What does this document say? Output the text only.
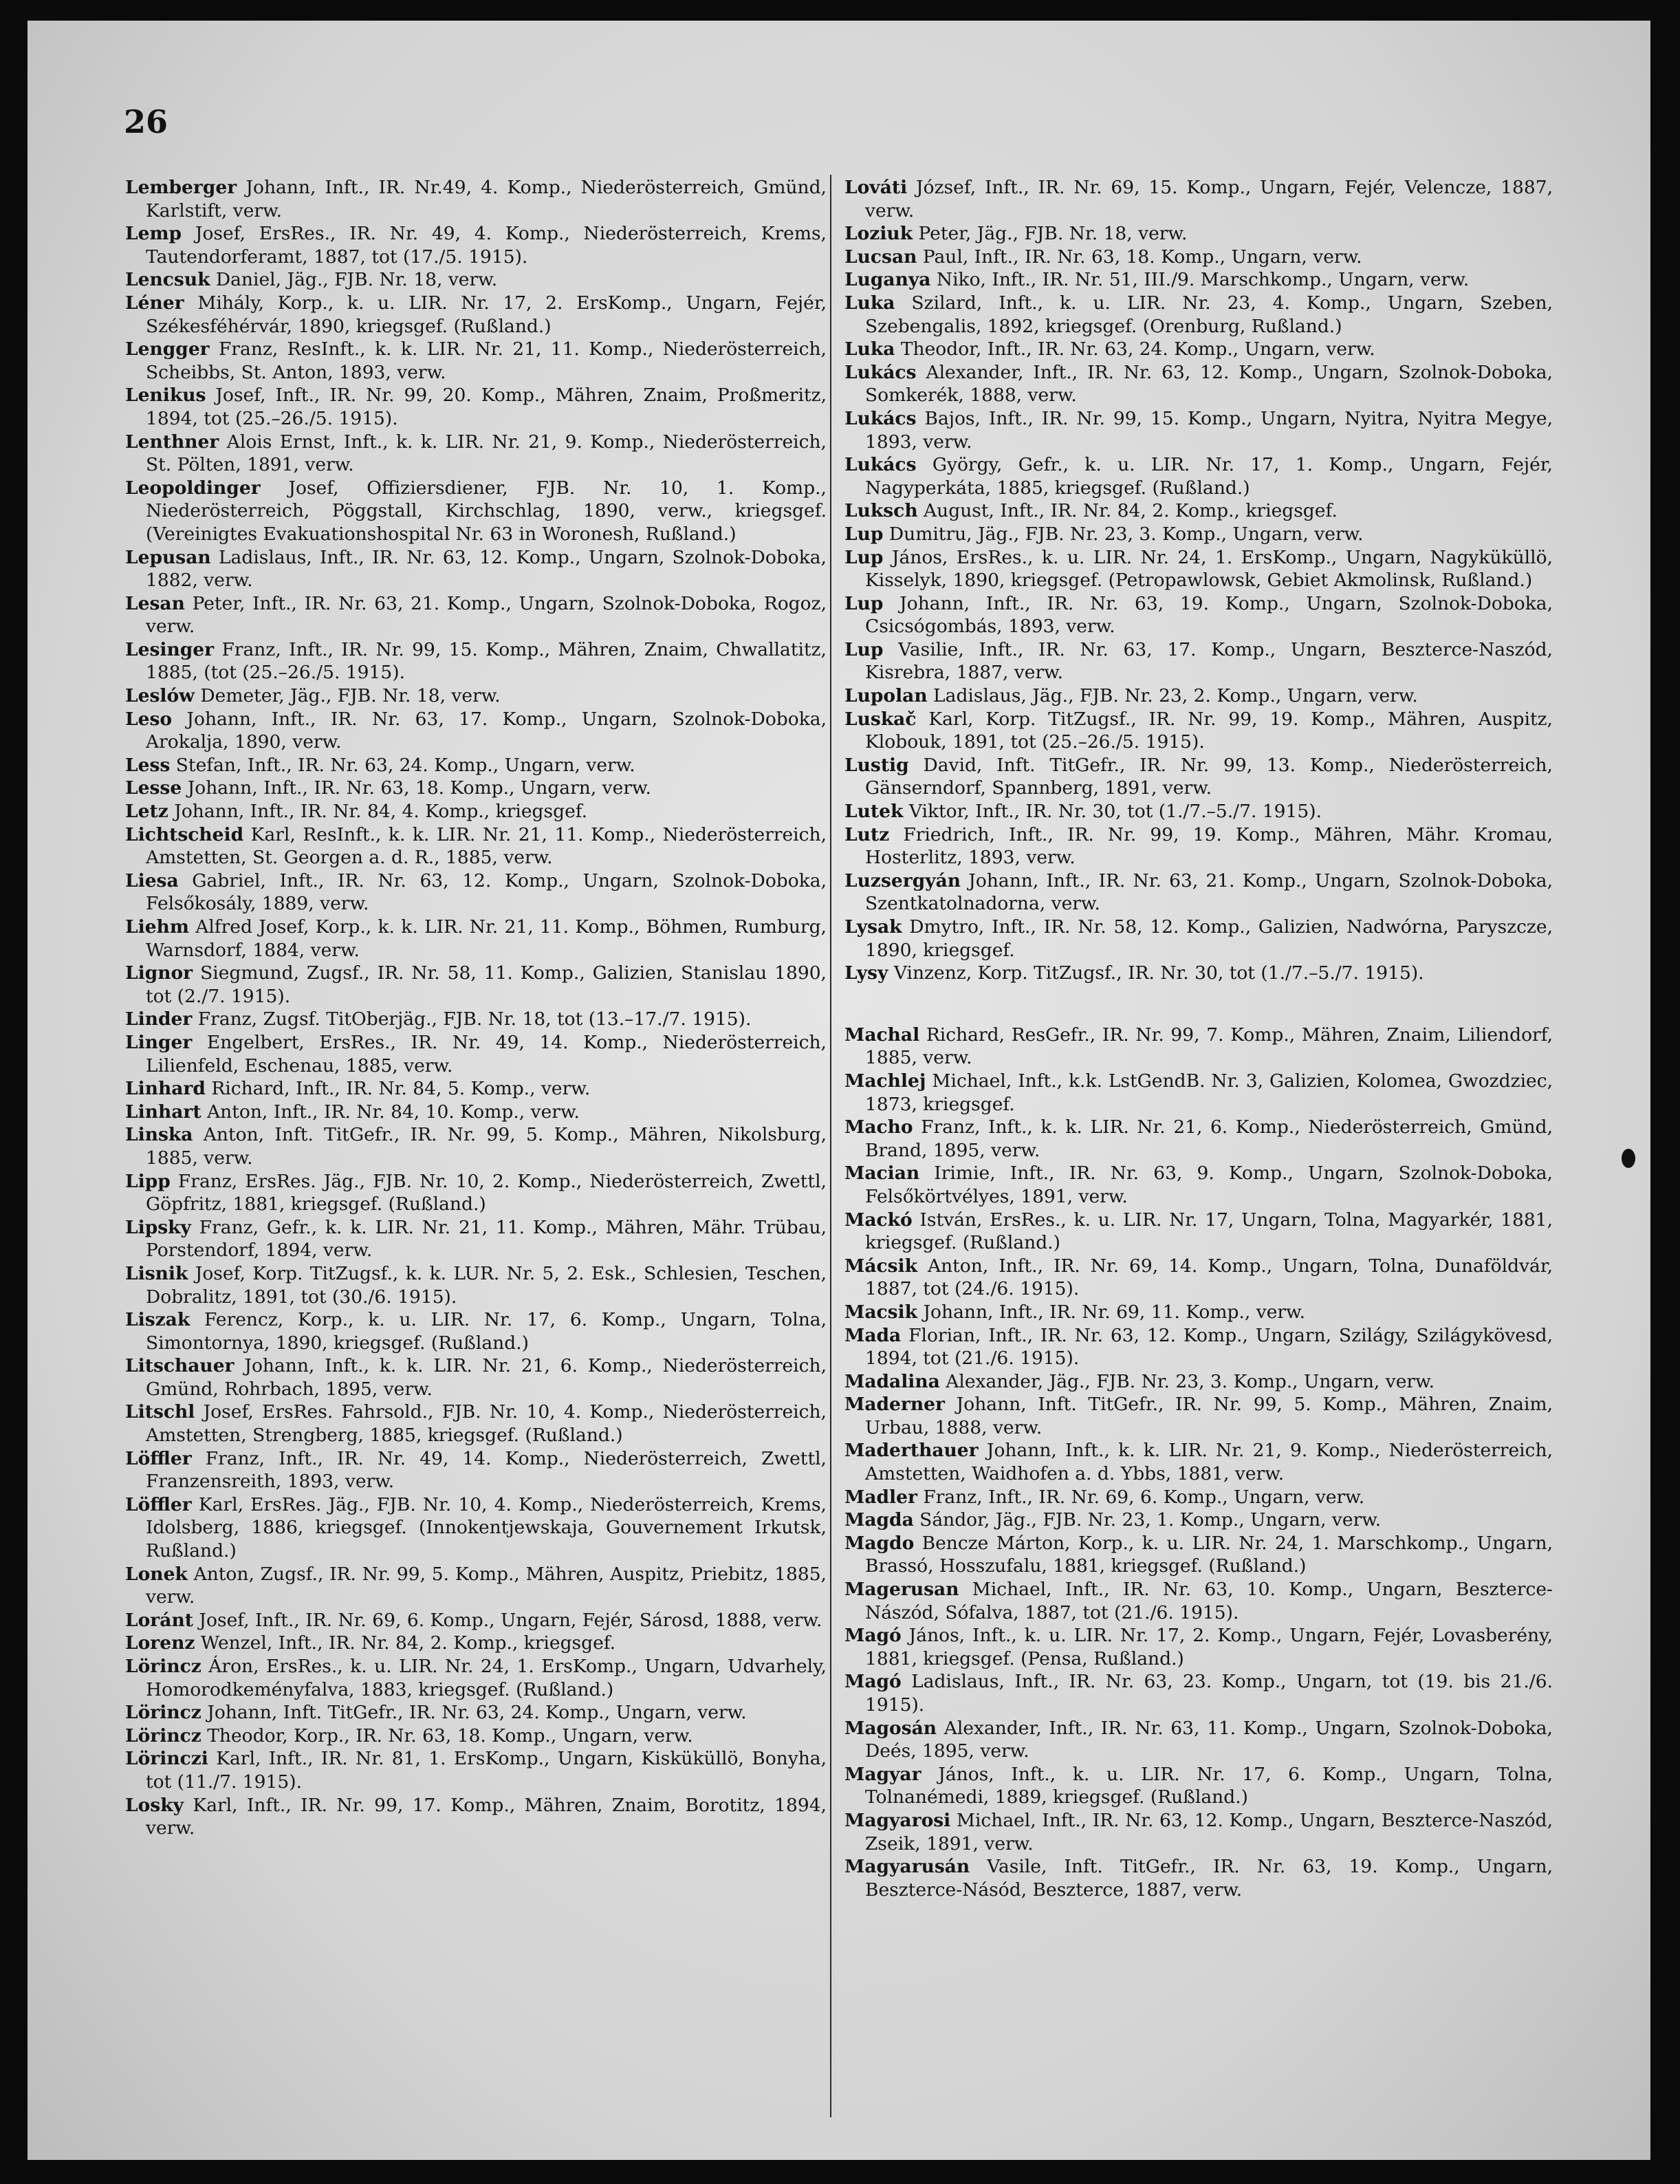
26
Lemberger Johann, Inft., IR. Nr.49, 4. Komp., Niederösterreich, Gmünd, Karlstift, verw.
Lemp Josef, ErsRes., IR. Nr. 49, 4. Komp., Niederösterreich, Krems, Tautendorferamt, 1887, tot (17./5. 1915).
Lencsuk Daniel, Jäg., FJB. Nr. 18, verw.
Léner Mihály, Korp., k. u. LIR. Nr. 17, 2. ErsKomp., Ungarn, Fejér, Székesféhérvár, 1890, kriegsgef. (Rußland.)
Lengger Franz, ResInft., k. k. LIR. Nr. 21, 11. Komp., Niederösterreich, Scheibbs, St. Anton, 1893, verw.
Lenikus Josef, Inft., IR. Nr. 99, 20. Komp., Mähren, Znaim, Proßmeritz, 1894, tot (25.–26./5. 1915).
Lenthner Alois Ernst, Inft., k. k. LIR. Nr. 21, 9. Komp., Niederösterreich, St. Pölten, 1891, verw.
Leopoldinger Josef, Offiziersdiener, FJB. Nr. 10, 1. Komp., Niederösterreich, Pöggstall, Kirchschlag, 1890, verw., kriegsgef. (Vereinigtes Evakuationshospital Nr. 63 in Woronesh, Rußland.)
Lepusan Ladislaus, Inft., IR. Nr. 63, 12. Komp., Ungarn, Szolnok-Doboka, 1882, verw.
Lesan Peter, Inft., IR. Nr. 63, 21. Komp., Ungarn, Szolnok-Doboka, Rogoz, verw.
Lesinger Franz, Inft., IR. Nr. 99, 15. Komp., Mähren, Znaim, Chwallatitz, 1885, (tot (25.–26./5. 1915).
Leslów Demeter, Jäg., FJB. Nr. 18, verw.
Leso Johann, Inft., IR. Nr. 63, 17. Komp., Ungarn, Szolnok-Doboka, Arokalja, 1890, verw.
Less Stefan, Inft., IR. Nr. 63, 24. Komp., Ungarn, verw.
Lesse Johann, Inft., IR. Nr. 63, 18. Komp., Ungarn, verw.
Letz Johann, Inft., IR. Nr. 84, 4. Komp., kriegsgef.
Lichtscheid Karl, ResInft., k. k. LIR. Nr. 21, 11. Komp., Niederösterreich, Amstetten, St. Georgen a. d. R., 1885, verw.
Liesa Gabriel, Inft., IR. Nr. 63, 12. Komp., Ungarn, Szolnok-Doboka, Felsőkosály, 1889, verw.
Liehm Alfred Josef, Korp., k. k. LIR. Nr. 21, 11. Komp., Böhmen, Rumburg, Warnsdorf, 1884, verw.
Lignor Siegmund, Zugsf., IR. Nr. 58, 11. Komp., Galizien, Stanislau 1890, tot (2./7. 1915).
Linder Franz, Zugsf. TitOberjäg., FJB. Nr. 18, tot (13.–17./7. 1915).
Linger Engelbert, ErsRes., IR. Nr. 49, 14. Komp., Niederösterreich, Lilienfeld, Eschenau, 1885, verw.
Linhard Richard, Inft., IR. Nr. 84, 5. Komp., verw.
Linhart Anton, Inft., IR. Nr. 84, 10. Komp., verw.
Linska Anton, Inft. TitGefr., IR. Nr. 99, 5. Komp., Mähren, Nikolsburg, 1885, verw.
Lipp Franz, ErsRes. Jäg., FJB. Nr. 10, 2. Komp., Niederösterreich, Zwettl, Göpfritz, 1881, kriegsgef. (Rußland.)
Lipsky Franz, Gefr., k. k. LIR. Nr. 21, 11. Komp., Mähren, Mähr. Trübau, Porstendorf, 1894, verw.
Lisnik Josef, Korp. TitZugsf., k. k. LUR. Nr. 5, 2. Esk., Schlesien, Teschen, Dobralitz, 1891, tot (30./6. 1915).
Liszak Ferencz, Korp., k. u. LIR. Nr. 17, 6. Komp., Ungarn, Tolna, Simontornya, 1890, kriegsgef. (Rußland.)
Litschauer Johann, Inft., k. k. LIR. Nr. 21, 6. Komp., Niederösterreich, Gmünd, Rohrbach, 1895, verw.
Litschl Josef, ErsRes. Fahrsold., FJB. Nr. 10, 4. Komp., Niederösterreich, Amstetten, Strengberg, 1885, kriegsgef. (Rußland.)
Löffler Franz, Inft., IR. Nr. 49, 14. Komp., Niederösterreich, Zwettl, Franzensreith, 1893, verw.
Löffler Karl, ErsRes. Jäg., FJB. Nr. 10, 4. Komp., Niederösterreich, Krems, Idolsberg, 1886, kriegsgef. (Innokentjewskaja, Gouvernement Irkutsk, Rußland.)
Lonek Anton, Zugsf., IR. Nr. 99, 5. Komp., Mähren, Auspitz, Priebitz, 1885, verw.
Loránt Josef, Inft., IR. Nr. 69, 6. Komp., Ungarn, Fejér, Sárosd, 1888, verw.
Lorenz Wenzel, Inft., IR. Nr. 84, 2. Komp., kriegsgef.
Lörincz Áron, ErsRes., k. u. LIR. Nr. 24, 1. ErsKomp., Ungarn, Udvarhely, Homorodkeményfalva, 1883, kriegsgef. (Rußland.)
Lörincz Johann, Inft. TitGefr., IR. Nr. 63, 24. Komp., Ungarn, verw.
Lörincz Theodor, Korp., IR. Nr. 63, 18. Komp., Ungarn, verw.
Lörinczi Karl, Inft., IR. Nr. 81, 1. ErsKomp., Ungarn, Kisküküllö, Bonyha, tot (11./7. 1915).
Losky Karl, Inft., IR. Nr. 99, 17. Komp., Mähren, Znaim, Borotitz, 1894, verw.
Lováti József, Inft., IR. Nr. 69, 15. Komp., Ungarn, Fejér, Velencze, 1887, verw.
Loziuk Peter, Jäg., FJB. Nr. 18, verw.
Lucsan Paul, Inft., IR. Nr. 63, 18. Komp., Ungarn, verw.
Luganya Niko, Inft., IR. Nr. 51, III./9. Marschkomp., Ungarn, verw.
Luka Szilard, Inft., k. u. LIR. Nr. 23, 4. Komp., Ungarn, Szeben, Szebengalis, 1892, kriegsgef. (Orenburg, Rußland.)
Luka Theodor, Inft., IR. Nr. 63, 24. Komp., Ungarn, verw.
Lukács Alexander, Inft., IR. Nr. 63, 12. Komp., Ungarn, Szolnok-Doboka, Somkerék, 1888, verw.
Lukács Bajos, Inft., IR. Nr. 99, 15. Komp., Ungarn, Nyitra, Nyitra Megye, 1893, verw.
Lukács György, Gefr., k. u. LIR. Nr. 17, 1. Komp., Ungarn, Fejér, Nagyperkáta, 1885, kriegsgef. (Rußland.)
Luksch August, Inft., IR. Nr. 84, 2. Komp., kriegsgef.
Lup Dumitru, Jäg., FJB. Nr. 23, 3. Komp., Ungarn, verw.
Lup János, ErsRes., k. u. LIR. Nr. 24, 1. ErsKomp., Ungarn, Nagyküküllö, Kisselyk, 1890, kriegsgef. (Petropawlowsk, Gebiet Akmolinsk, Rußland.)
Lup Johann, Inft., IR. Nr. 63, 19. Komp., Ungarn, Szolnok-Doboka, Csicsógombás, 1893, verw.
Lup Vasilie, Inft., IR. Nr. 63, 17. Komp., Ungarn, Beszterce-Naszód, Kisrebra, 1887, verw.
Lupolan Ladislaus, Jäg., FJB. Nr. 23, 2. Komp., Ungarn, verw.
Luskač Karl, Korp. TitZugsf., IR. Nr. 99, 19. Komp., Mähren, Auspitz, Klobouk, 1891, tot (25.–26./5. 1915).
Lustig David, Inft. TitGefr., IR. Nr. 99, 13. Komp., Niederösterreich, Gänserndorf, Spannberg, 1891, verw.
Lutek Viktor, Inft., IR. Nr. 30, tot (1./7.–5./7. 1915).
Lutz Friedrich, Inft., IR. Nr. 99, 19. Komp., Mähren, Mähr. Kromau, Hosterlitz, 1893, verw.
Luzsergyán Johann, Inft., IR. Nr. 63, 21. Komp., Ungarn, Szolnok-Doboka, Szentkatolnadorna, verw.
Lysak Dmytro, Inft., IR. Nr. 58, 12. Komp., Galizien, Nadwórna, Paryszcze, 1890, kriegsgef.
Lysy Vinzenz, Korp. TitZugsf., IR. Nr. 30, tot (1./7.–5./7. 1915).
Machal Richard, ResGefr., IR. Nr. 99, 7. Komp., Mähren, Znaim, Liliendorf, 1885, verw.
Machlej Michael, Inft., k.k. LstGendB. Nr. 3, Galizien, Kolomea, Gwozdziec, 1873, kriegsgef.
Macho Franz, Inft., k. k. LIR. Nr. 21, 6. Komp., Niederösterreich, Gmünd, Brand, 1895, verw.
Macian Irimie, Inft., IR. Nr. 63, 9. Komp., Ungarn, Szolnok-Doboka, Felsőkörtvélyes, 1891, verw.
Mackó István, ErsRes., k. u. LIR. Nr. 17, Ungarn, Tolna, Magyarkér, 1881, kriegsgef. (Rußland.)
Mácsik Anton, Inft., IR. Nr. 69, 14. Komp., Ungarn, Tolna, Dunaföldvár, 1887, tot (24./6. 1915).
Macsik Johann, Inft., IR. Nr. 69, 11. Komp., verw.
Mada Florian, Inft., IR. Nr. 63, 12. Komp., Ungarn, Szilágy, Szilágykövesd, 1894, tot (21./6. 1915).
Madalina Alexander, Jäg., FJB. Nr. 23, 3. Komp., Ungarn, verw.
Maderner Johann, Inft. TitGefr., IR. Nr. 99, 5. Komp., Mähren, Znaim, Urbau, 1888, verw.
Maderthauer Johann, Inft., k. k. LIR. Nr. 21, 9. Komp., Niederösterreich, Amstetten, Waidhofen a. d. Ybbs, 1881, verw.
Madler Franz, Inft., IR. Nr. 69, 6. Komp., Ungarn, verw.
Magda Sándor, Jäg., FJB. Nr. 23, 1. Komp., Ungarn, verw.
Magdo Bencze Márton, Korp., k. u. LIR. Nr. 24, 1. Marschkomp., Ungarn, Brassó, Hosszufalu, 1881, kriegsgef. (Rußland.)
Magerusan Michael, Inft., IR. Nr. 63, 10. Komp., Ungarn, Beszterce-Nászód, Sófalva, 1887, tot (21./6. 1915).
Magó János, Inft., k. u. LIR. Nr. 17, 2. Komp., Ungarn, Fejér, Lovasberény, 1881, kriegsgef. (Pensa, Rußland.)
Magó Ladislaus, Inft., IR. Nr. 63, 23. Komp., Ungarn, tot (19. bis 21./6. 1915).
Magosán Alexander, Inft., IR. Nr. 63, 11. Komp., Ungarn, Szolnok-Doboka, Deés, 1895, verw.
Magyar János, Inft., k. u. LIR. Nr. 17, 6. Komp., Ungarn, Tolna, Tolnanémedi, 1889, kriegsgef. (Rußland.)
Magyarosi Michael, Inft., IR. Nr. 63, 12. Komp., Ungarn, Beszterce-Naszód, Zseik, 1891, verw.
Magyarusán Vasile, Inft. TitGefr., IR. Nr. 63, 19. Komp., Ungarn, Beszterce-Násód, Beszterce, 1887, verw.
